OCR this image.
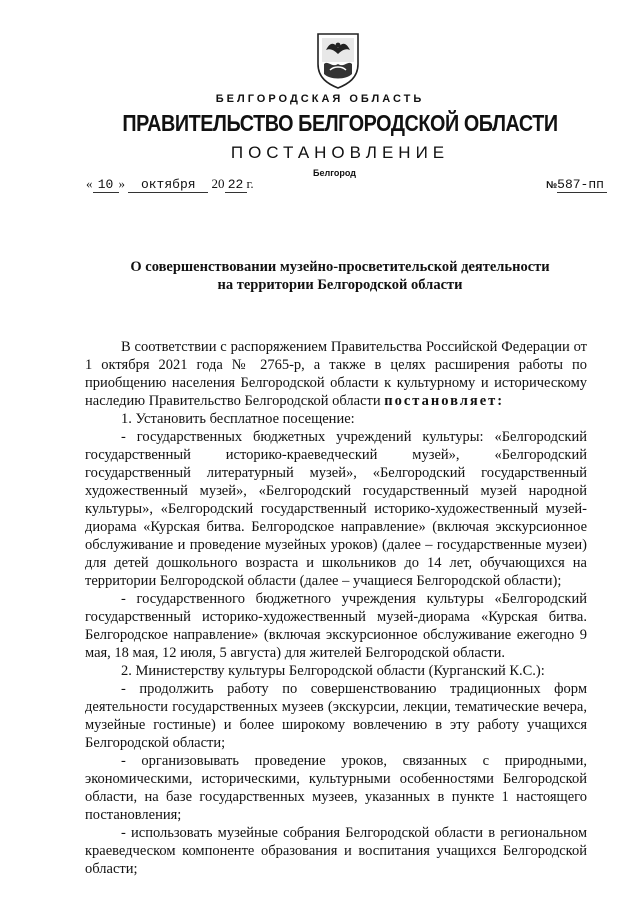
БЕЛГОРОДСКАЯ ОБЛАСТЬ
ПРАВИТЕЛЬСТВО БЕЛГОРОДСКОЙ ОБЛАСТИ
ПОСТАНОВЛЕНИЕ
Белгород
« 10 » октября 20 22 г.	№587-пп
О совершенствовании музейно-просветительской деятельности
на территории Белгородской области

В соответствии с распоряжением Правительства Российской Федерации от 1 октября 2021 года № 2765-р, а также в целях расширения работы по приобщению населения Белгородской области к культурному и историческому наследию Правительство Белгородской области постановляет:

1. Установить бесплатное посещение:

- государственных бюджетных учреждений культуры: «Белгородский государственный историко-краеведческий музей», «Белгородский государственный литературный музей», «Белгородский государственный художественный музей», «Белгородский государственный музей народной культуры», «Белгородский государственный историко-художественный музей-диорама «Курская битва. Белгородское направление» (включая экскурсионное обслуживание и проведение музейных уроков) (далее – государственные музеи) для детей дошкольного возраста и школьников до 14 лет, обучающихся на территории Белгородской области (далее – учащиеся Белгородской области);

- государственного бюджетного учреждения культуры «Белгородский государственный историко-художественный музей-диорама «Курская битва. Белгородское направление» (включая экскурсионное обслуживание ежегодно 9 мая, 18 мая, 12 июля, 5 августа) для жителей Белгородской области.

2. Министерству культуры Белгородской области (Курганский К.С.):

- продолжить работу по совершенствованию традиционных форм деятельности государственных музеев (экскурсии, лекции, тематические вечера, музейные гостиные) и более широкому вовлечению в эту работу учащихся Белгородской области;

- организовывать проведение уроков, связанных с природными, экономическими, историческими, культурными особенностями Белгородской области, на базе государственных музеев, указанных в пункте 1 настоящего постановления;

- использовать музейные собрания Белгородской области в региональном краеведческом компоненте образования и воспитания учащихся Белгородской области;
